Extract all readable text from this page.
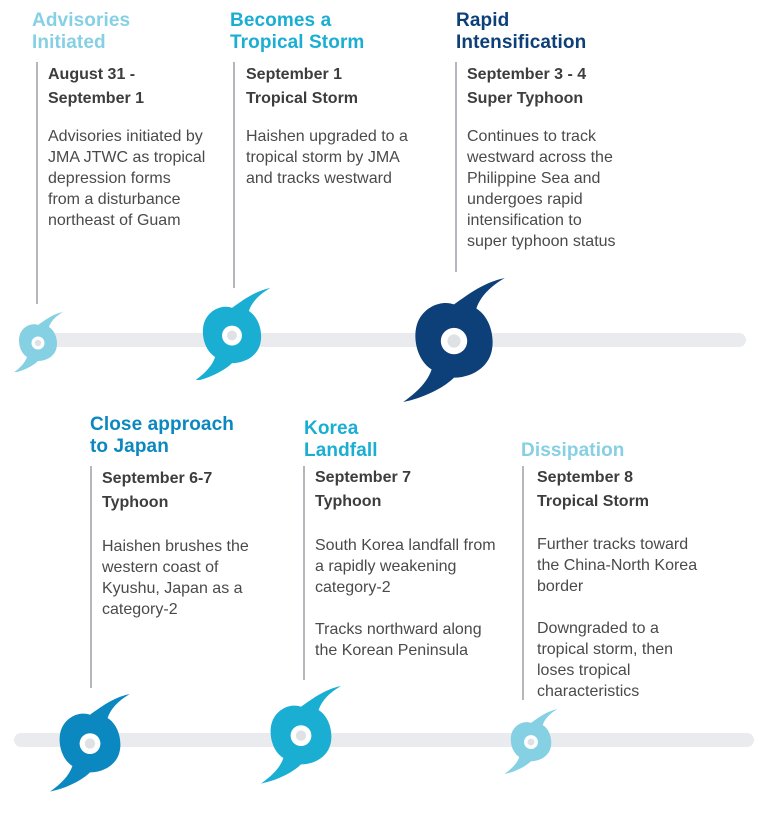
Advisories
Initiated

August 31 -
September 1

Advisories initiated by
JMA JTWC as tropical
depression forms
from a disturbance
northeast of Guam

Becomes a
Tropical Storm

September 1
Tropical Storm

Haishen upgraded to a
tropical storm by JMA
and tracks westward

Rapid
Intensification

September 3 - 4
Super Typhoon

Continues to track
westward across the
Philippine Sea and
undergoes rapid
intensification to
super typhoon status

Close approach
to Japan

September 6-7
Typhoon

Haishen brushes the
western coast of
Kyushu, Japan as a
category-2

Korea
Landfall

September 7
Typhoon

South Korea landfall from
a rapidly weakening
category-2

Tracks northward along
the Korean Peninsula

Dissipation

September 8
Tropical Storm

Further tracks toward
the China-North Korea
border

Downgraded to a
tropical storm, then
loses tropical
characteristics
